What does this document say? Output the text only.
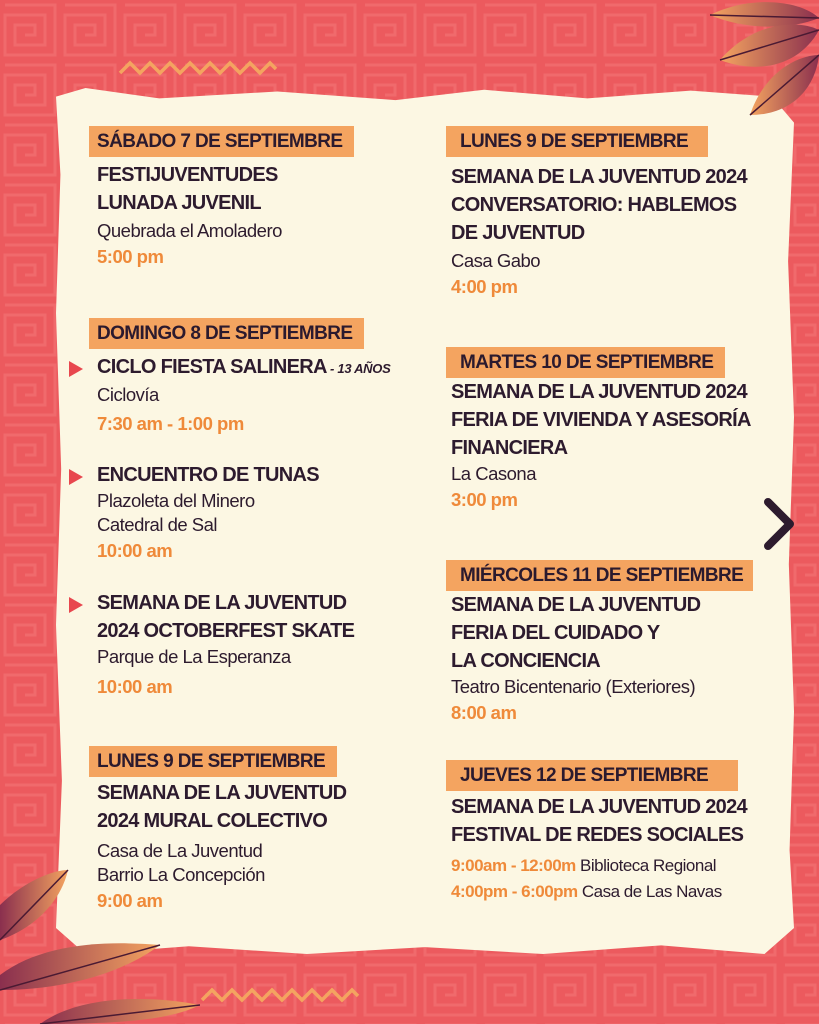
SÁBADO 7 DE SEPTIEMBRE
FESTIJUVENTUDES
LUNADA JUVENIL
Quebrada el Amoladero
5:00 pm
DOMINGO 8 DE SEPTIEMBRE
CICLO FIESTA SALINERA - 13 AÑOS
Ciclovía
7:30 am - 1:00 pm
ENCUENTRO DE TUNAS
Plazoleta del Minero
Catedral de Sal
10:00 am
SEMANA DE LA JUVENTUD
2024 OCTOBERFEST SKATE
Parque de La Esperanza
10:00 am
LUNES 9 DE SEPTIEMBRE
SEMANA DE LA JUVENTUD
2024 MURAL COLECTIVO
Casa de La Juventud
Barrio La Concepción
9:00 am
LUNES 9 DE SEPTIEMBRE
SEMANA DE LA JUVENTUD 2024
CONVERSATORIO: HABLEMOS
DE JUVENTUD
Casa Gabo
4:00 pm
MARTES 10 DE SEPTIEMBRE
SEMANA DE LA JUVENTUD 2024
FERIA DE VIVIENDA Y ASESORÍA
FINANCIERA
La Casona
3:00 pm
MIÉRCOLES 11 DE SEPTIEMBRE
SEMANA DE LA JUVENTUD
FERIA DEL CUIDADO Y
LA CONCIENCIA
Teatro Bicentenario (Exteriores)
8:00 am
JUEVES 12 DE SEPTIEMBRE
SEMANA DE LA JUVENTUD 2024
FESTIVAL DE REDES SOCIALES
9:00am - 12:00m Biblioteca Regional
4:00pm - 6:00pm Casa de Las Navas
